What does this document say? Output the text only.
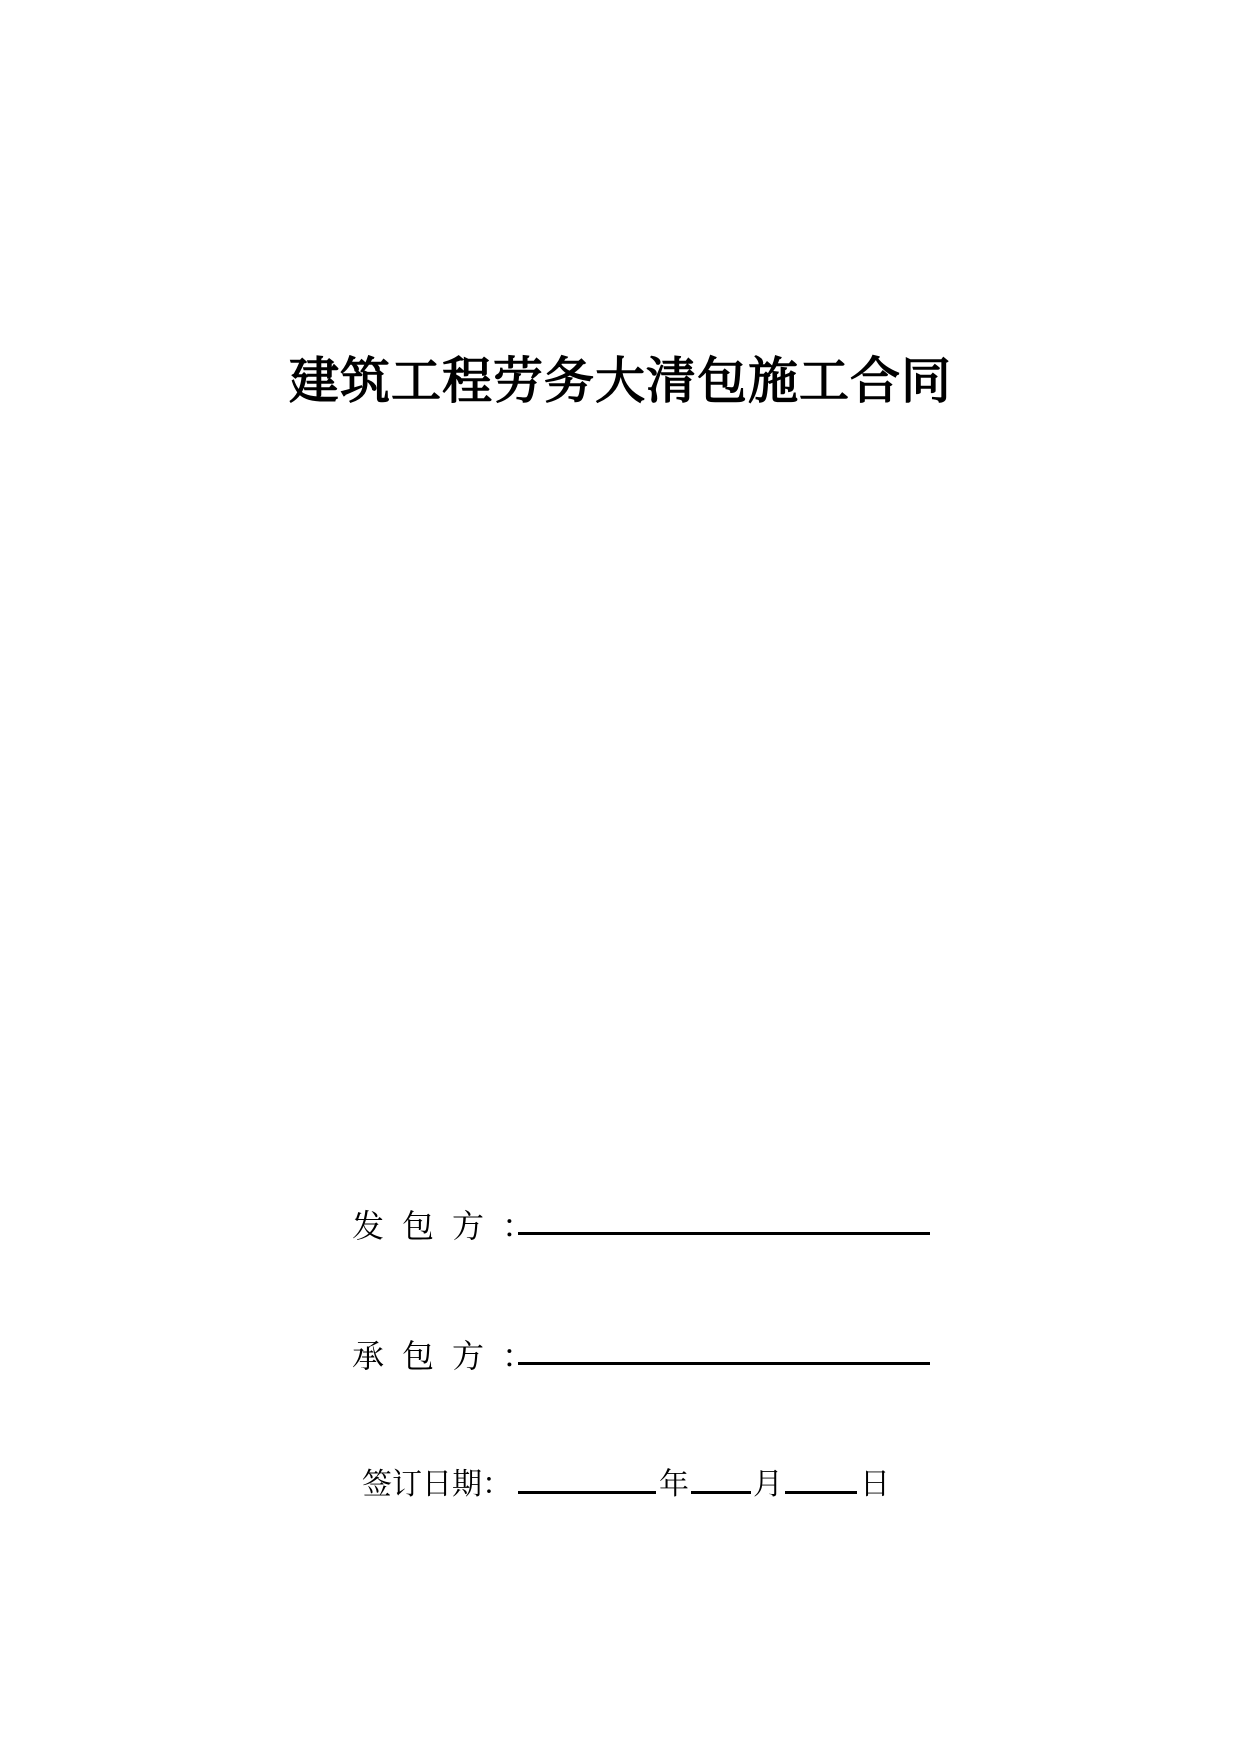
建筑工程劳务大清包施工合同
发包方：
承包方：
签订日期：	年 月	日
